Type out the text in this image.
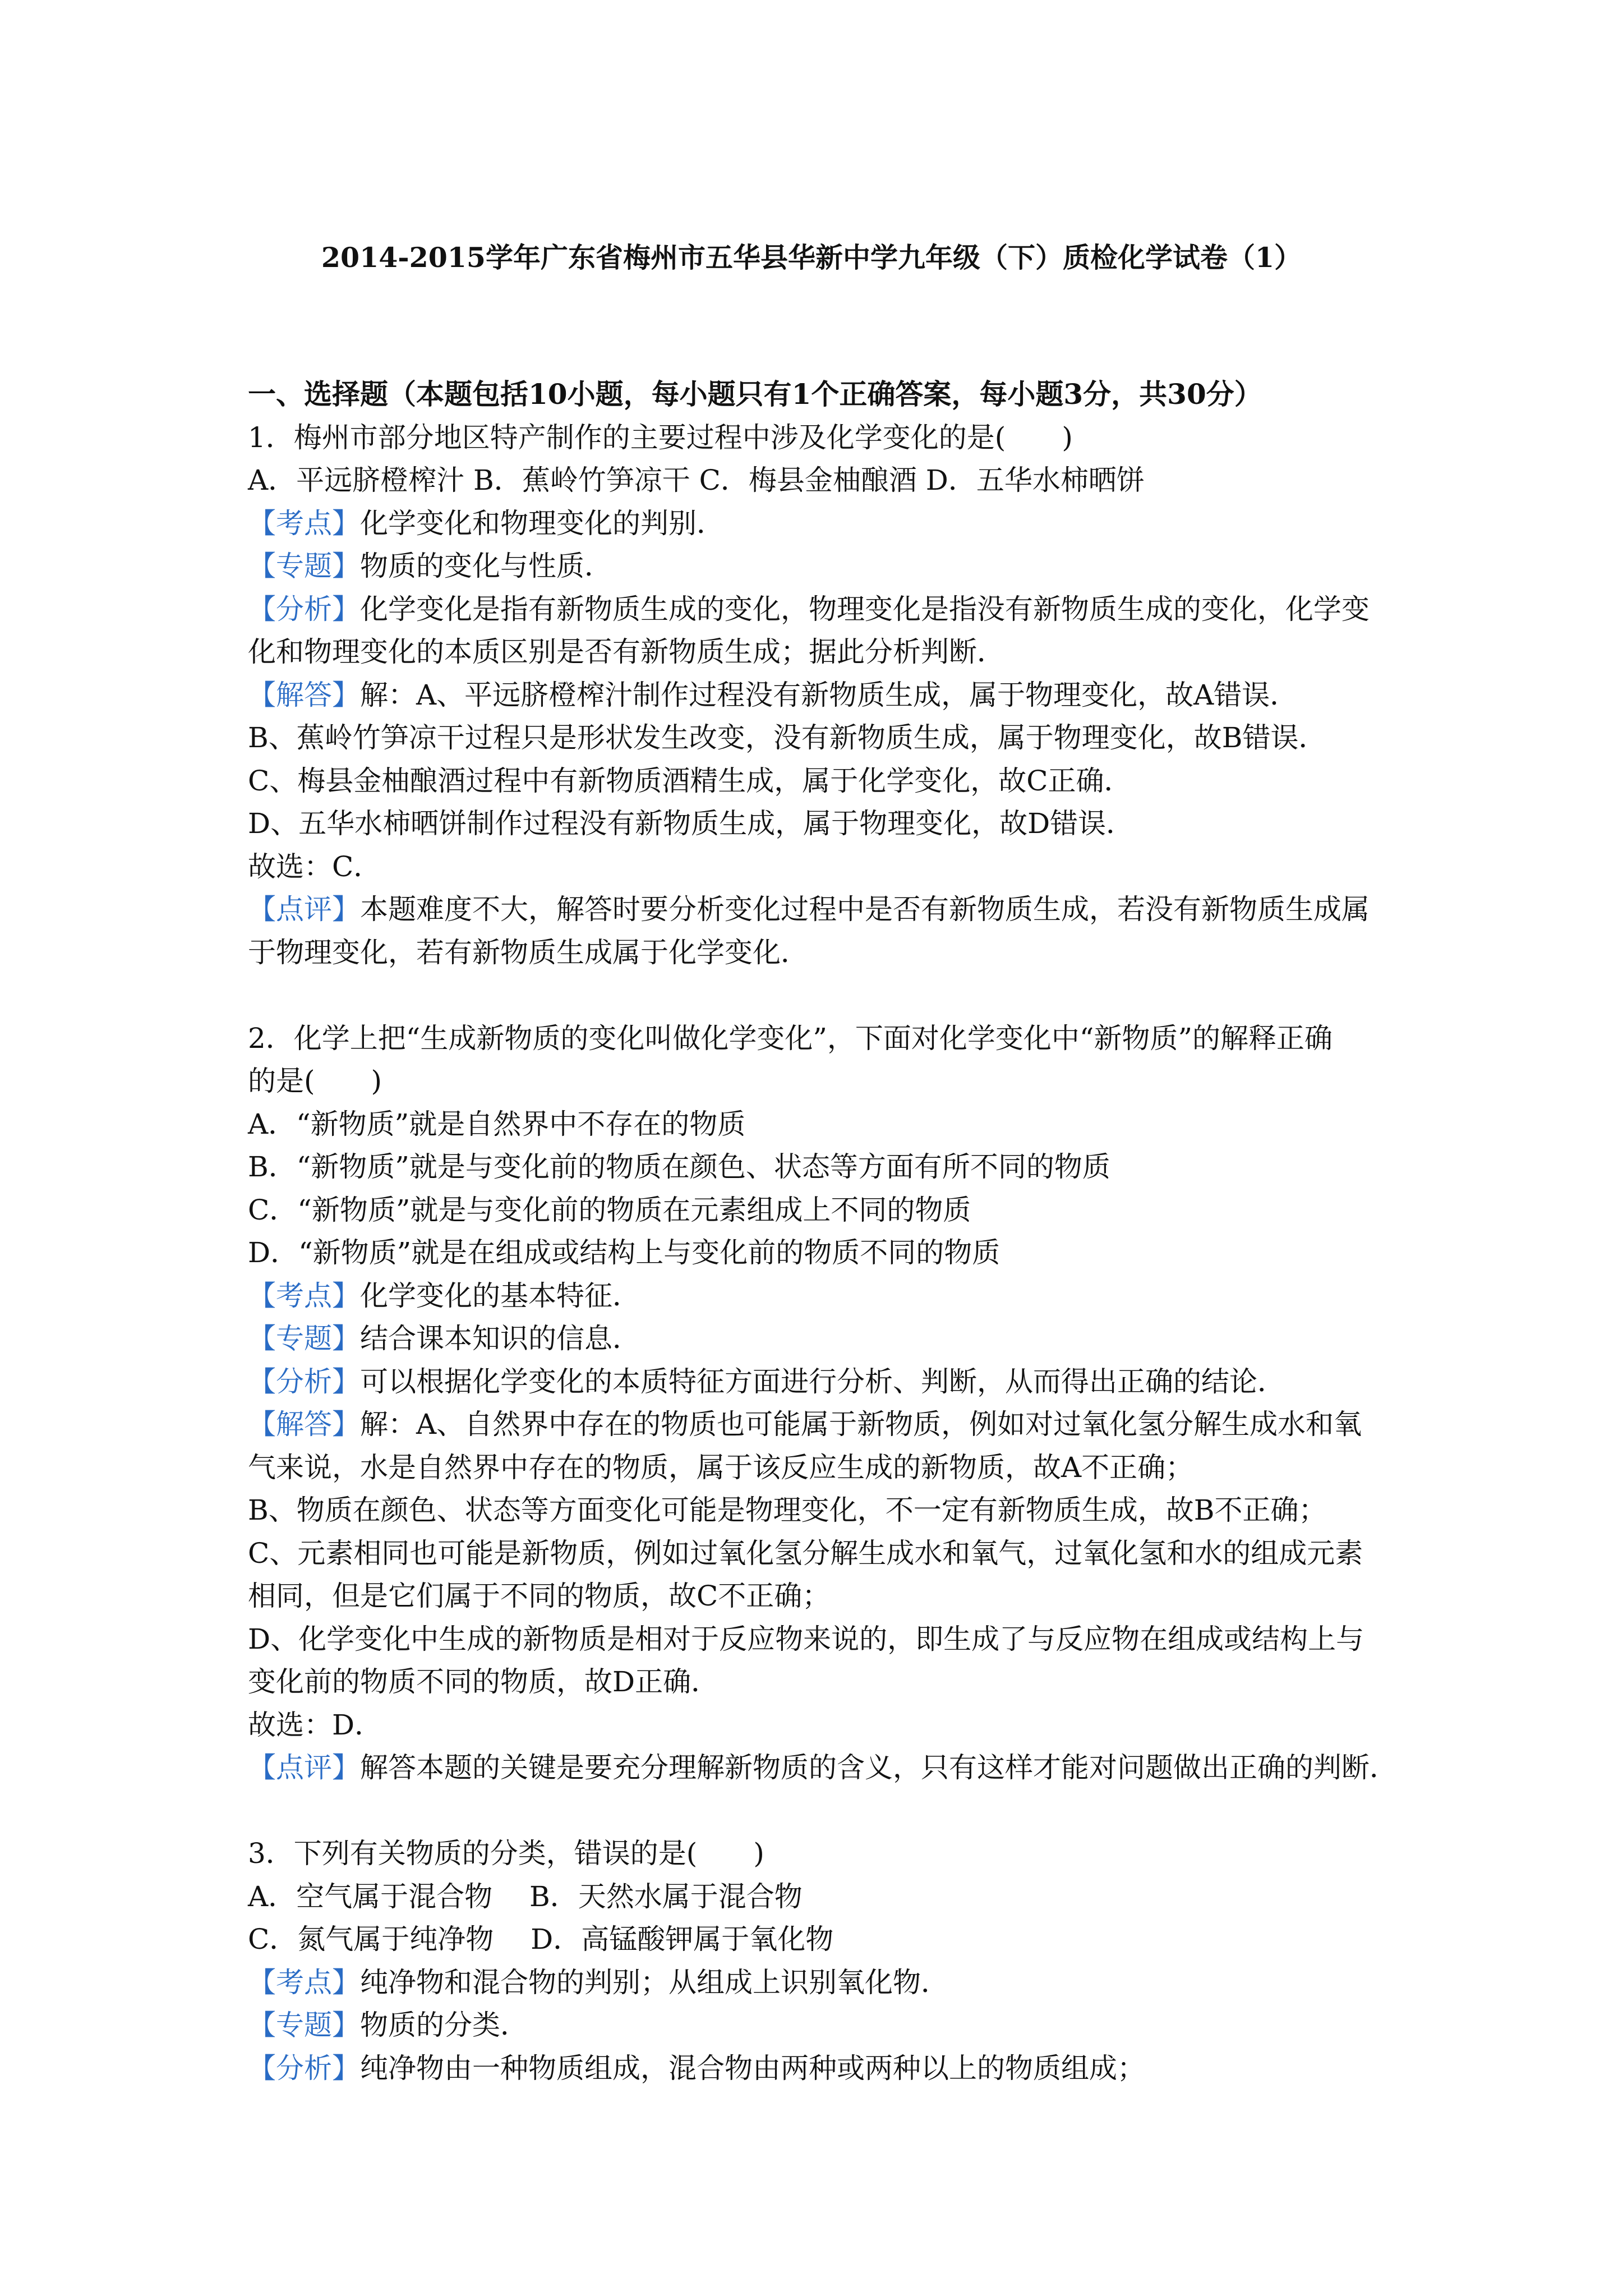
2014-2015学年广东省梅州市五华县华新中学九年级（下）质检化学试卷（1）
一、选择题（本题包括10小题，每小题只有1个正确答案，每小题3分，共30分）
1．梅州市部分地区特产制作的主要过程中涉及化学变化的是(　　)
A．平远脐橙榨汁 B．蕉岭竹笋凉干 C．梅县金柚酿酒 D．五华水柿晒饼
【考点】化学变化和物理变化的判别．
【专题】物质的变化与性质．
【分析】化学变化是指有新物质生成的变化，物理变化是指没有新物质生成的变化，化学变
化和物理变化的本质区别是否有新物质生成；据此分析判断．
【解答】解：A、平远脐橙榨汁制作过程没有新物质生成，属于物理变化，故A错误．
B、蕉岭竹笋凉干过程只是形状发生改变，没有新物质生成，属于物理变化，故B错误．
C、梅县金柚酿酒过程中有新物质酒精生成，属于化学变化，故C正确．
D、五华水柿晒饼制作过程没有新物质生成，属于物理变化，故D错误．
故选：C．
【点评】本题难度不大，解答时要分析变化过程中是否有新物质生成，若没有新物质生成属
于物理变化，若有新物质生成属于化学变化．
2．化学上把“生成新物质的变化叫做化学变化”，下面对化学变化中“新物质”的解释正确
的是(　　)
A．“新物质”就是自然界中不存在的物质
B．“新物质”就是与变化前的物质在颜色、状态等方面有所不同的物质
C．“新物质”就是与变化前的物质在元素组成上不同的物质
D．“新物质”就是在组成或结构上与变化前的物质不同的物质
【考点】化学变化的基本特征．
【专题】结合课本知识的信息．
【分析】可以根据化学变化的本质特征方面进行分析、判断，从而得出正确的结论．
【解答】解：A、自然界中存在的物质也可能属于新物质，例如对过氧化氢分解生成水和氧
气来说，水是自然界中存在的物质，属于该反应生成的新物质，故A不正确；
B、物质在颜色、状态等方面变化可能是物理变化，不一定有新物质生成，故B不正确；
C、元素相同也可能是新物质，例如过氧化氢分解生成水和氧气，过氧化氢和水的组成元素
相同，但是它们属于不同的物质，故C不正确；
D、化学变化中生成的新物质是相对于反应物来说的，即生成了与反应物在组成或结构上与
变化前的物质不同的物质，故D正确．
故选：D．
【点评】解答本题的关键是要充分理解新物质的含义，只有这样才能对问题做出正确的判断．
3．下列有关物质的分类，错误的是(　　)
A．空气属于混合物　 B．天然水属于混合物
C．氮气属于纯净物　 D．高锰酸钾属于氧化物
【考点】纯净物和混合物的判别；从组成上识别氧化物．
【专题】物质的分类．
【分析】纯净物由一种物质组成，混合物由两种或两种以上的物质组成；
